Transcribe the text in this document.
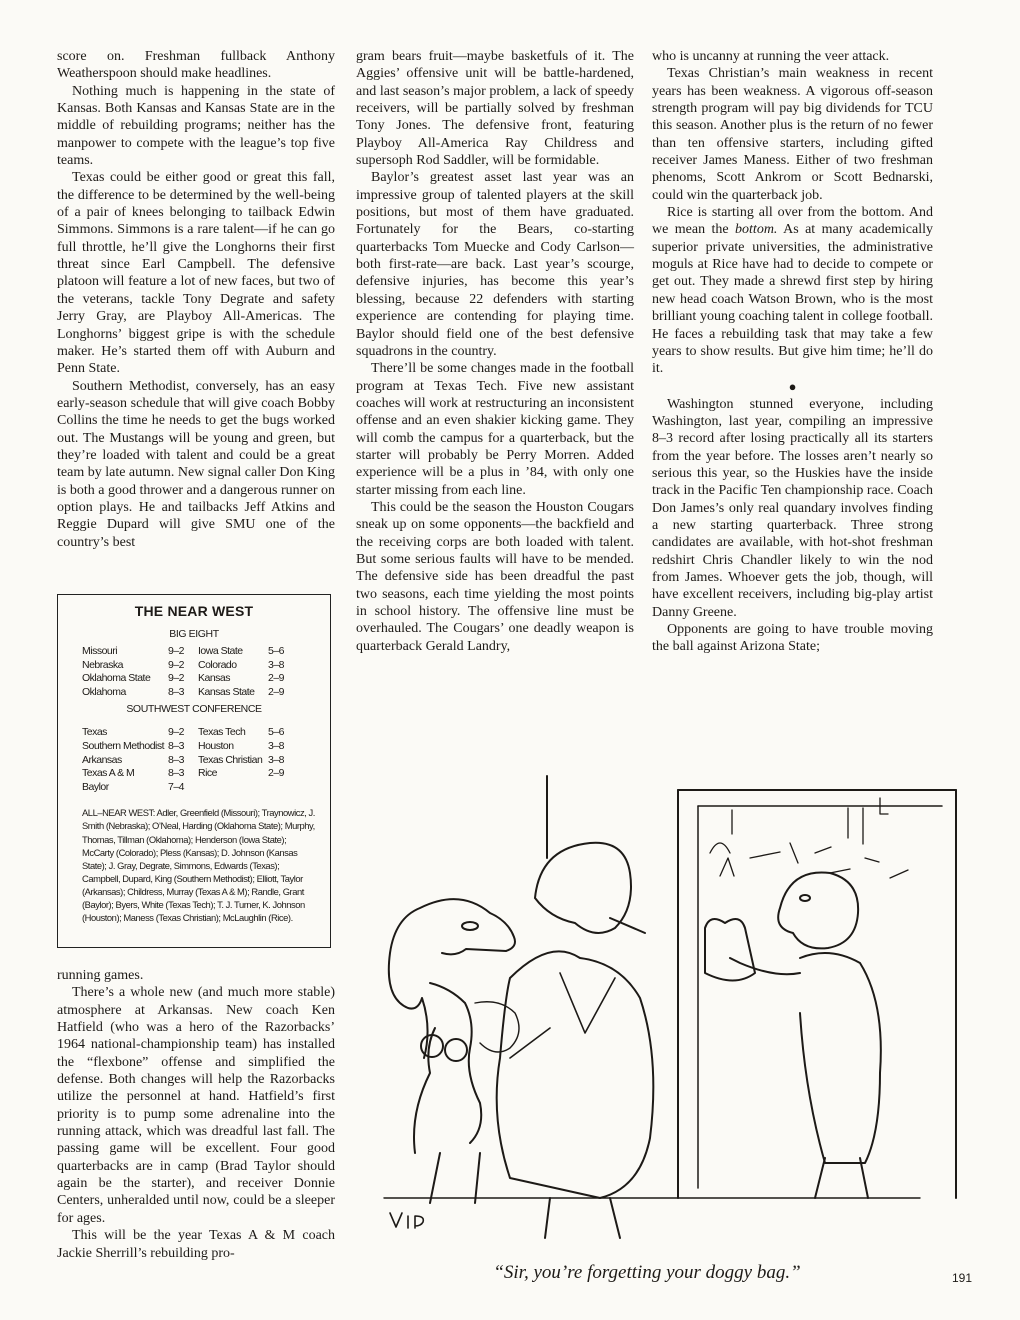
score on. Freshman fullback Anthony Weatherspoon should make headlines.

Nothing much is happening in the state of Kansas. Both Kansas and Kansas State are in the middle of rebuilding programs; neither has the manpower to compete with the league’s top five teams.

Texas could be either good or great this fall, the difference to be determined by the well-being of a pair of knees belonging to tailback Edwin Simmons. Simmons is a rare talent—if he can go full throttle, he’ll give the Longhorns their first threat since Earl Campbell. The defensive platoon will feature a lot of new faces, but two of the veterans, tackle Tony Degrate and safety Jerry Gray, are Playboy All-Americas. The Longhorns’ biggest gripe is with the schedule maker. He’s started them off with Auburn and Penn State.

Southern Methodist, conversely, has an easy early-season schedule that will give coach Bobby Collins the time he needs to get the bugs worked out. The Mustangs will be young and green, but they’re loaded with talent and could be a great team by late autumn. New signal caller Don King is both a good thrower and a dangerous runner on option plays. He and tailbacks Jeff Atkins and Reggie Dupard will give SMU one of the country’s best

THE NEAR WEST
BIG EIGHT
Missouri	9–2	Iowa State	5–6
Nebraska	9–2	Colorado	3–8
Oklahoma State	9–2	Kansas	2–9
Oklahoma	8–3	Kansas State	2–9
SOUTHWEST CONFERENCE
Texas	9–2	Texas Tech	5–6
Southern Methodist 8–3	Houston	3–8
Arkansas	8–3	Texas Christian 3–8
Texas A & M	8–3	Rice	2–9
Baylor	7–4
ALL–NEAR WEST: Adler, Greenfield (Missouri); Traynowicz, J. Smith (Nebraska); O’Neal, Harding (Oklahoma State); Murphy, Thomas, Tillman (Oklahoma); Henderson (Iowa State); McCarty (Colorado); Pless (Kansas); D. Johnson (Kansas State); J. Gray, Degrate, Simmons, Edwards (Texas); Campbell, Dupard, King (Southern Methodist); Elliott, Taylor (Arkansas); Childress, Murray (Texas A & M); Randle, Grant (Baylor); Byers, White (Texas Tech); T. J. Turner, K. Johnson (Houston); Maness (Texas Christian); McLaughlin (Rice).

running games.

There’s a whole new (and much more stable) atmosphere at Arkansas. New coach Ken Hatfield (who was a hero of the Razorbacks’ 1964 national-championship team) has installed the “flexbone” offense and simplified the defense. Both changes will help the Razorbacks utilize the personnel at hand. Hatfield’s first priority is to pump some adrenaline into the running attack, which was dreadful last fall. The passing game will be excellent. Four good quarterbacks are in camp (Brad Taylor should again be the starter), and receiver Donnie Centers, unheralded until now, could be a sleeper for ages.

This will be the year Texas A & M coach Jackie Sherrill’s rebuilding pro-

gram bears fruit—maybe basketfuls of it. The Aggies’ offensive unit will be battle-hardened, and last season’s major problem, a lack of speedy receivers, will be partially solved by freshman Tony Jones. The defensive front, featuring Playboy All-America Ray Childress and supersoph Rod Saddler, will be formidable.

Baylor’s greatest asset last year was an impressive group of talented players at the skill positions, but most of them have graduated. Fortunately for the Bears, co-starting quarterbacks Tom Muecke and Cody Carlson—both first-rate—are back. Last year’s scourge, defensive injuries, has become this year’s blessing, because 22 defenders with starting experience are contending for playing time. Baylor should field one of the best defensive squadrons in the country.

There’ll be some changes made in the football program at Texas Tech. Five new assistant coaches will work at restructuring an inconsistent offense and an even shakier kicking game. They will comb the campus for a quarterback, but the starter will probably be Perry Morren. Added experience will be a plus in ’84, with only one starter missing from each line.

This could be the season the Houston Cougars sneak up on some opponents—the backfield and the receiving corps are both loaded with talent. But some serious faults will have to be mended. The defensive side has been dreadful the past two seasons, each time yielding the most points in school history. The offensive line must be overhauled. The Cougars’ one deadly weapon is quarterback Gerald Landry,

who is uncanny at running the veer attack.

Texas Christian’s main weakness in recent years has been weakness. A vigorous off-season strength program will pay big dividends for TCU this season. Another plus is the return of no fewer than ten offensive starters, including gifted receiver James Maness. Either of two freshman phenoms, Scott Ankrom or Scott Bednarski, could win the quarterback job.

Rice is starting all over from the bottom. And we mean the bottom. As at many academically superior private universities, the administrative moguls at Rice have had to decide to compete or get out. They made a shrewd first step by hiring new head coach Watson Brown, who is the most brilliant young coaching talent in college football. He faces a rebuilding task that may take a few years to show results. But give him time; he’ll do it.

●

Washington stunned everyone, including Washington, last year, compiling an impressive 8–3 record after losing practically all its starters from the year before. The losses aren’t nearly so serious this year, so the Huskies have the inside track in the Pacific Ten championship race. Coach Don James’s only real quandary involves finding a new starting quarterback. Three strong candidates are available, with hot-shot freshman redshirt Chris Chandler likely to win the nod from James. Whoever gets the job, though, will have excellent receivers, including big-play artist Danny Greene.

Opponents are going to have trouble moving the ball against Arizona State;

“Sir, you’re forgetting your doggy bag.”	191
